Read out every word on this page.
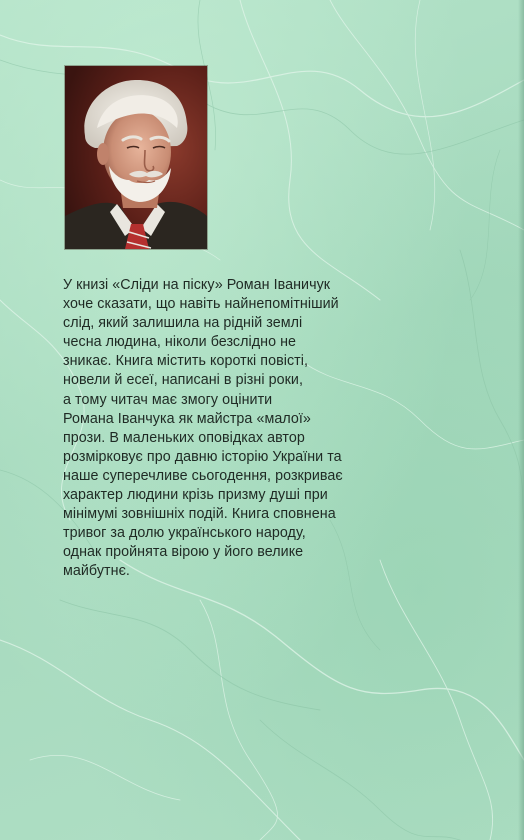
У книзі «Сліди на піску» Роман Іваничук
хоче сказати, що навіть найнепомітніший
слід, який залишила на рідній землі
чесна людина, ніколи безслідно не
зникає. Книга містить короткі повісті,
новели й есеї, написані в різні роки,
а тому читач має змогу оцінити
Романа Іванчука як майстра «малої»
прози. В маленьких оповідках автор
розмірковує про давню історію України та
наше суперечливе сьогодення, розкриває
характер людини крізь призму душі при
мінімумі зовнішніх подій. Книга сповнена
тривог за долю українського народу,
однак пройнята вірою у його велике
майбутнє.
